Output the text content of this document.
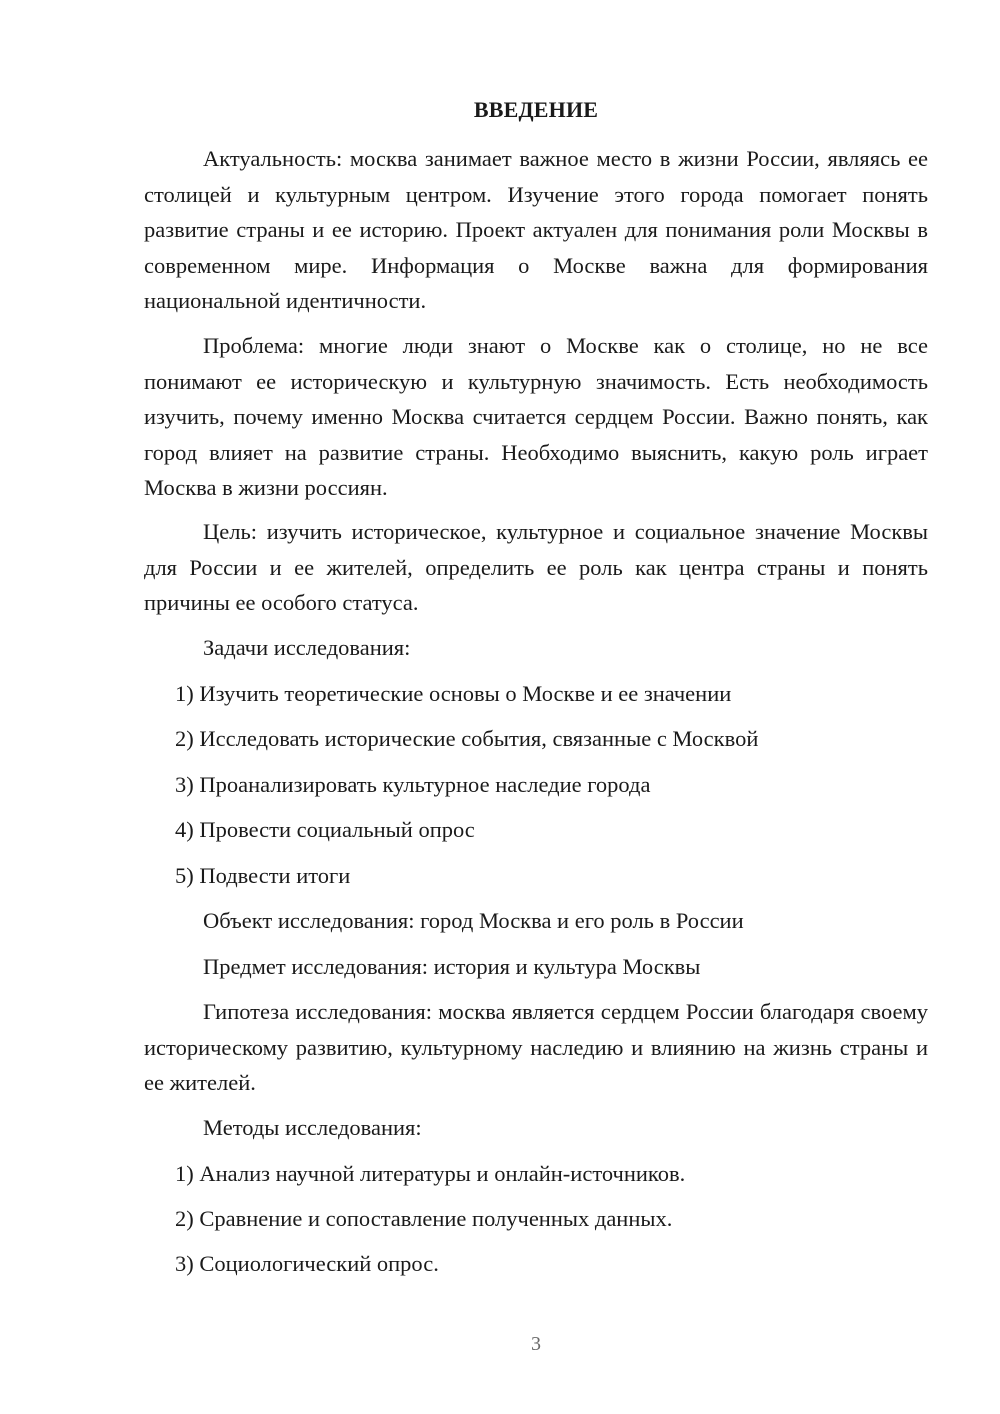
ВВЕДЕНИЕ

Актуальность: москва занимает важное место в жизни России, являясь ее столицей и культурным центром. Изучение этого города помогает понять развитие страны и ее историю. Проект актуален для понимания роли Москвы в современном мире. Информация о Москве важна для формирования национальной идентичности.

Проблема: многие люди знают о Москве как о столице, но не все понимают ее историческую и культурную значимость. Есть необходимость изучить, почему именно Москва считается сердцем России. Важно понять, как город влияет на развитие страны. Необходимо выяснить, какую роль играет Москва в жизни россиян.

Цель: изучить историческое, культурное и социальное значение Москвы для России и ее жителей, определить ее роль как центра страны и понять причины ее особого статуса.

Задачи исследования:
1) Изучить теоретические основы о Москве и ее значении
2) Исследовать исторические события, связанные с Москвой
3) Проанализировать культурное наследие города
4) Провести социальный опрос
5) Подвести итоги
Объект исследования: город Москва и его роль в России
Предмет исследования: история и культура Москвы

Гипотеза исследования: москва является сердцем России благодаря своему историческому развитию, культурному наследию и влиянию на жизнь страны и ее жителей.

Методы исследования:
1) Анализ научной литературы и онлайн-источников.
2) Сравнение и сопоставление полученных данных.
3) Социологический опрос.
3
